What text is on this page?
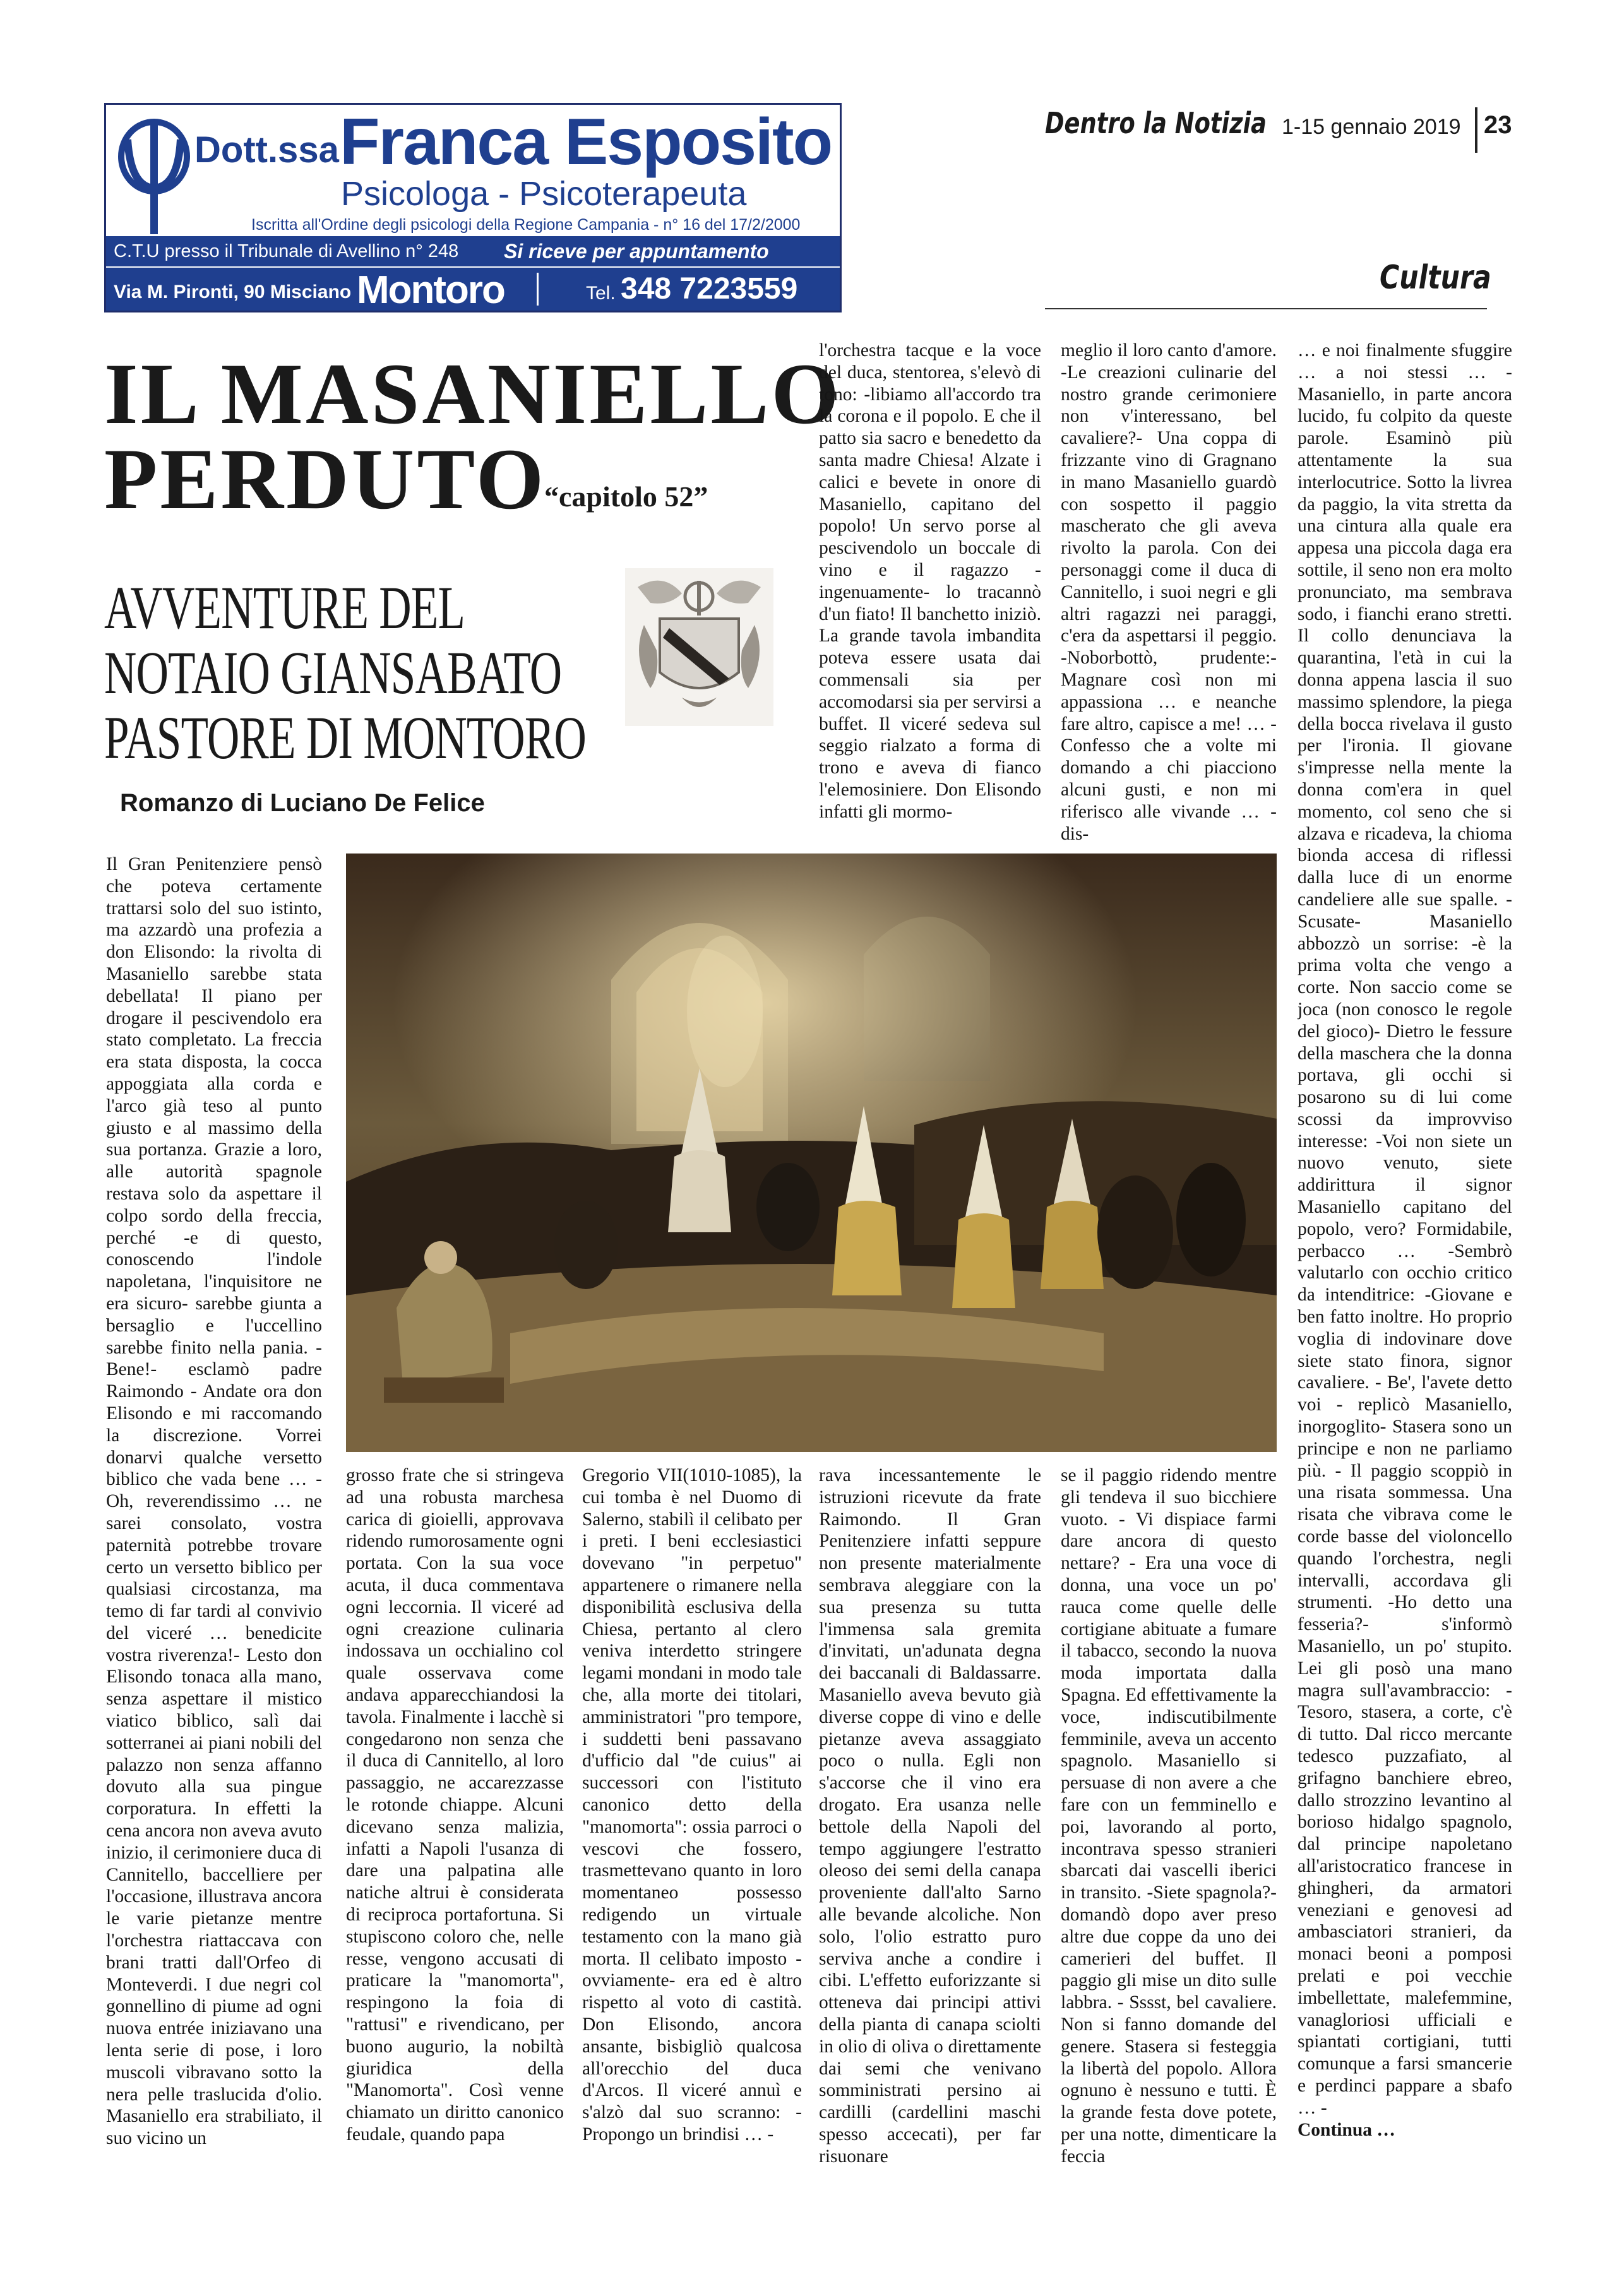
Dott.ssa Franca Esposito
Psicologa - Psicoterapeuta
Iscritta all'Ordine degli psicologi della Regione Campania - n° 16 del 17/2/2000
C.T.U presso il Tribunale di Avellino n° 248 Si riceve per appuntamento
Via M. Pironti, 90 Misciano Montoro	Tel. 348 7223559
Dentro la Notizia 1-15 gennaio 2019 23
Cultura
IL MASANIELLO
PERDUTO
“capitolo 52”
AVVENTURE DEL
NOTAIO GIANSABATO
PASTORE DI MONTORO
Romanzo di Luciano De Felice

Il Gran Penitenziere pensò che poteva certamente trattarsi solo del suo istinto, ma azzardò una profezia a don Elisondo: la rivolta di Masaniello sarebbe stata debellata! Il piano per drogare il pescivendolo era stato completato. La freccia era stata disposta, la cocca appoggiata alla corda e l'arco già teso al punto giusto e al massimo della sua portanza. Grazie a loro, alle autorità spagnole restava solo da aspettare il colpo sordo della freccia, perché -e di questo, conoscendo l'indole napoletana, l'inquisitore ne era sicuro- sarebbe giunta a bersaglio e l'uccellino sarebbe finito nella pania. -Bene!- esclamò padre Raimondo - Andate ora don Elisondo e mi raccomando la discrezione. Vorrei donarvi qualche versetto biblico che vada bene … -Oh, reverendissimo … ne sarei consolato, vostra paternità potrebbe trovare certo un versetto biblico per qualsiasi circostanza, ma temo di far tardi al convivio del viceré … benedicite vostra riverenza!- Lesto don Elisondo tonaca alla mano, senza aspettare il mistico viatico biblico, salì dai sotterranei ai piani nobili del palazzo non senza affanno dovuto alla sua pingue corporatura. In effetti la cena ancora non aveva avuto inizio, il cerimoniere duca di Cannitello, baccelliere per l'occasione, illustrava ancora le varie pietanze mentre l'orchestra riattaccava con brani tratti dall'Orfeo di Monteverdi. I due negri col gonnellino di piume ad ogni nuova entrée iniziavano una lenta serie di pose, i loro muscoli vibravano sotto la nera pelle traslucida d'olio. Masaniello era strabiliato, il suo vicino un

grosso frate che si stringeva ad una robusta marchesa carica di gioielli, approvava ridendo rumorosamente ogni portata. Con la sua voce acuta, il duca commentava ogni leccornia. Il viceré ad ogni creazione culinaria indossava un occhialino col quale osservava come andava apparecchiandosi la tavola. Finalmente i lacchè si congedarono non senza che il duca di Cannitello, al loro passaggio, ne accarezzasse le rotonde chiappe. Alcuni dicevano senza malizia, infatti a Napoli l'usanza di dare una palpatina alle natiche altrui è considerata di reciproca portafortuna. Si stupiscono coloro che, nelle resse, vengono accusati di praticare la "manomorta", respingono la foia di "rattusi" e rivendicano, per buono augurio, la nobiltà giuridica della "Manomorta". Così venne chiamato un diritto canonico feudale, quando papa

Gregorio VII(1010-1085), la cui tomba è nel Duomo di Salerno, stabilì il celibato per i preti. I beni ecclesiastici dovevano "in perpetuo" appartenere o rimanere nella disponibilità esclusiva della Chiesa, pertanto al clero veniva interdetto stringere legami mondani in modo tale che, alla morte dei titolari, amministratori "pro tempore, i suddetti beni passavano d'ufficio dal "de cuius" ai successori con l'istituto canonico detto della "manomorta": ossia parroci o vescovi che fossero, trasmettevano quanto in loro momentaneo possesso redigendo un virtuale testamento con la mano già morta. Il celibato imposto -ovviamente- era ed è altro rispetto al voto di castità. Don Elisondo, ancora ansante, bisbigliò qualcosa all'orecchio del duca d'Arcos. Il viceré annuì e s'alzò dal suo scranno: -Propongo un brindisi … -

l'orchestra tacque e la voce del duca, stentorea, s'elevò di tono: -libiamo all'accordo tra la corona e il popolo. E che il patto sia sacro e benedetto da santa madre Chiesa! Alzate i calici e bevete in onore di Masaniello, capitano del popolo! Un servo porse al pescivendolo un boccale di vino e il ragazzo -ingenuamente- lo tracannò d'un fiato! Il banchetto iniziò. La grande tavola imbandita poteva essere usata dai commensali sia per accomodarsi sia per servirsi a buffet. Il viceré sedeva sul seggio rialzato a forma di trono e aveva di fianco l'elemosiniere. Don Elisondo infatti gli mormo-

rava incessantemente le istruzioni ricevute da frate Raimondo. Il Gran Penitenziere infatti seppure non presente materialmente sembrava aleggiare con la sua presenza su tutta l'immensa sala gremita d'invitati, un'adunata degna dei baccanali di Baldassarre. Masaniello aveva bevuto già diverse coppe di vino e delle pietanze aveva assaggiato poco o nulla. Egli non s'accorse che il vino era drogato. Era usanza nelle bettole della Napoli del tempo aggiungere l'estratto oleoso dei semi della canapa proveniente dall'alto Sarno alle bevande alcoliche. Non solo, l'olio estratto puro serviva anche a condire i cibi. L'effetto euforizzante si otteneva dai principi attivi della pianta di canapa sciolti in olio di oliva o direttamente dai semi che venivano somministrati persino ai cardilli (cardellini maschi spesso accecati), per far risuonare

meglio il loro canto d'amore. -Le creazioni culinarie del nostro grande cerimoniere non v'interessano, bel cavaliere?- Una coppa di frizzante vino di Gragnano in mano Masaniello guardò con sospetto il paggio mascherato che gli aveva rivolto la parola. Con dei personaggi come il duca di Cannitello, i suoi negri e gli altri ragazzi nei paraggi, c'era da aspettarsi il peggio. -Noborbottò, prudente:- Magnare così non mi appassiona … e neanche fare altro, capisce a me! … -Confesso che a volte mi domando a chi piacciono alcuni gusti, e non mi riferisco alle vivande … - dis-

se il paggio ridendo mentre gli tendeva il suo bicchiere vuoto. - Vi dispiace farmi dare ancora di questo nettare? - Era una voce di donna, una voce un po' rauca come quelle delle cortigiane abituate a fumare il tabacco, secondo la nuova moda importata dalla Spagna. Ed effettivamente la voce, indiscutibilmente femminile, aveva un accento spagnolo. Masaniello si persuase di non avere a che fare con un femminello e poi, lavorando al porto, incontrava spesso stranieri sbarcati dai vascelli iberici in transito. -Siete spagnola?- domandò dopo aver preso altre due coppe da uno dei camerieri del buffet. Il paggio gli mise un dito sulle labbra. - Sssst, bel cavaliere. Non si fanno domande del genere. Stasera si festeggia la libertà del popolo. Allora ognuno è nessuno e tutti. È la grande festa dove potete, per una notte, dimenticare la feccia

… e noi finalmente sfuggire … a noi stessi … - Masaniello, in parte ancora lucido, fu colpito da queste parole. Esaminò più attentamente la sua interlocutrice. Sotto la livrea da paggio, la vita stretta da una cintura alla quale era appesa una piccola daga era sottile, il seno non era molto pronunciato, ma sembrava sodo, i fianchi erano stretti. Il collo denunciava la quarantina, l'età in cui la donna appena lascia il suo massimo splendore, la piega della bocca rivelava il gusto per l'ironia. Il giovane s'impresse nella mente la donna com'era in quel momento, col seno che si alzava e ricadeva, la chioma bionda accesa di riflessi dalla luce di un enorme candeliere alle sue spalle. -Scusate- Masaniello abbozzò un sorrise: -è la prima volta che vengo a corte. Non saccio come se joca (non conosco le regole del gioco)- Dietro le fessure della maschera che la donna portava, gli occhi si posarono su di lui come scossi da improvviso interesse: -Voi non siete un nuovo venuto, siete addirittura il signor Masaniello capitano del popolo, vero? Formidabile, perbacco … -Sembrò valutarlo con occhio critico da intenditrice: -Giovane e ben fatto inoltre. Ho proprio voglia di indovinare dove siete stato finora, signor cavaliere. - Be', l'avete detto voi - replicò Masaniello, inorgoglito- Stasera sono un principe e non ne parliamo più. - Il paggio scoppiò in una risata sommessa. Una risata che vibrava come le corde basse del violoncello quando l'orchestra, negli intervalli, accordava gli strumenti. -Ho detto una fesseria?- s'informò Masaniello, un po' stupito. Lei gli posò una mano magra sull'avambraccio: -Tesoro, stasera, a corte, c'è di tutto. Dal ricco mercante tedesco puzzafiato, al grifagno banchiere ebreo, dallo strozzino levantino al borioso hidalgo spagnolo, dal principe napoletano all'aristocratico francese in ghingheri, da armatori veneziani e genovesi ad ambasciatori stranieri, da monaci beoni a pomposi prelati e poi vecchie imbellettate, malefemmine, vanagloriosi ufficiali e spiantati cortigiani, tutti comunque a farsi smancerie e perdinci pappare a sbafo … -

Continua …
